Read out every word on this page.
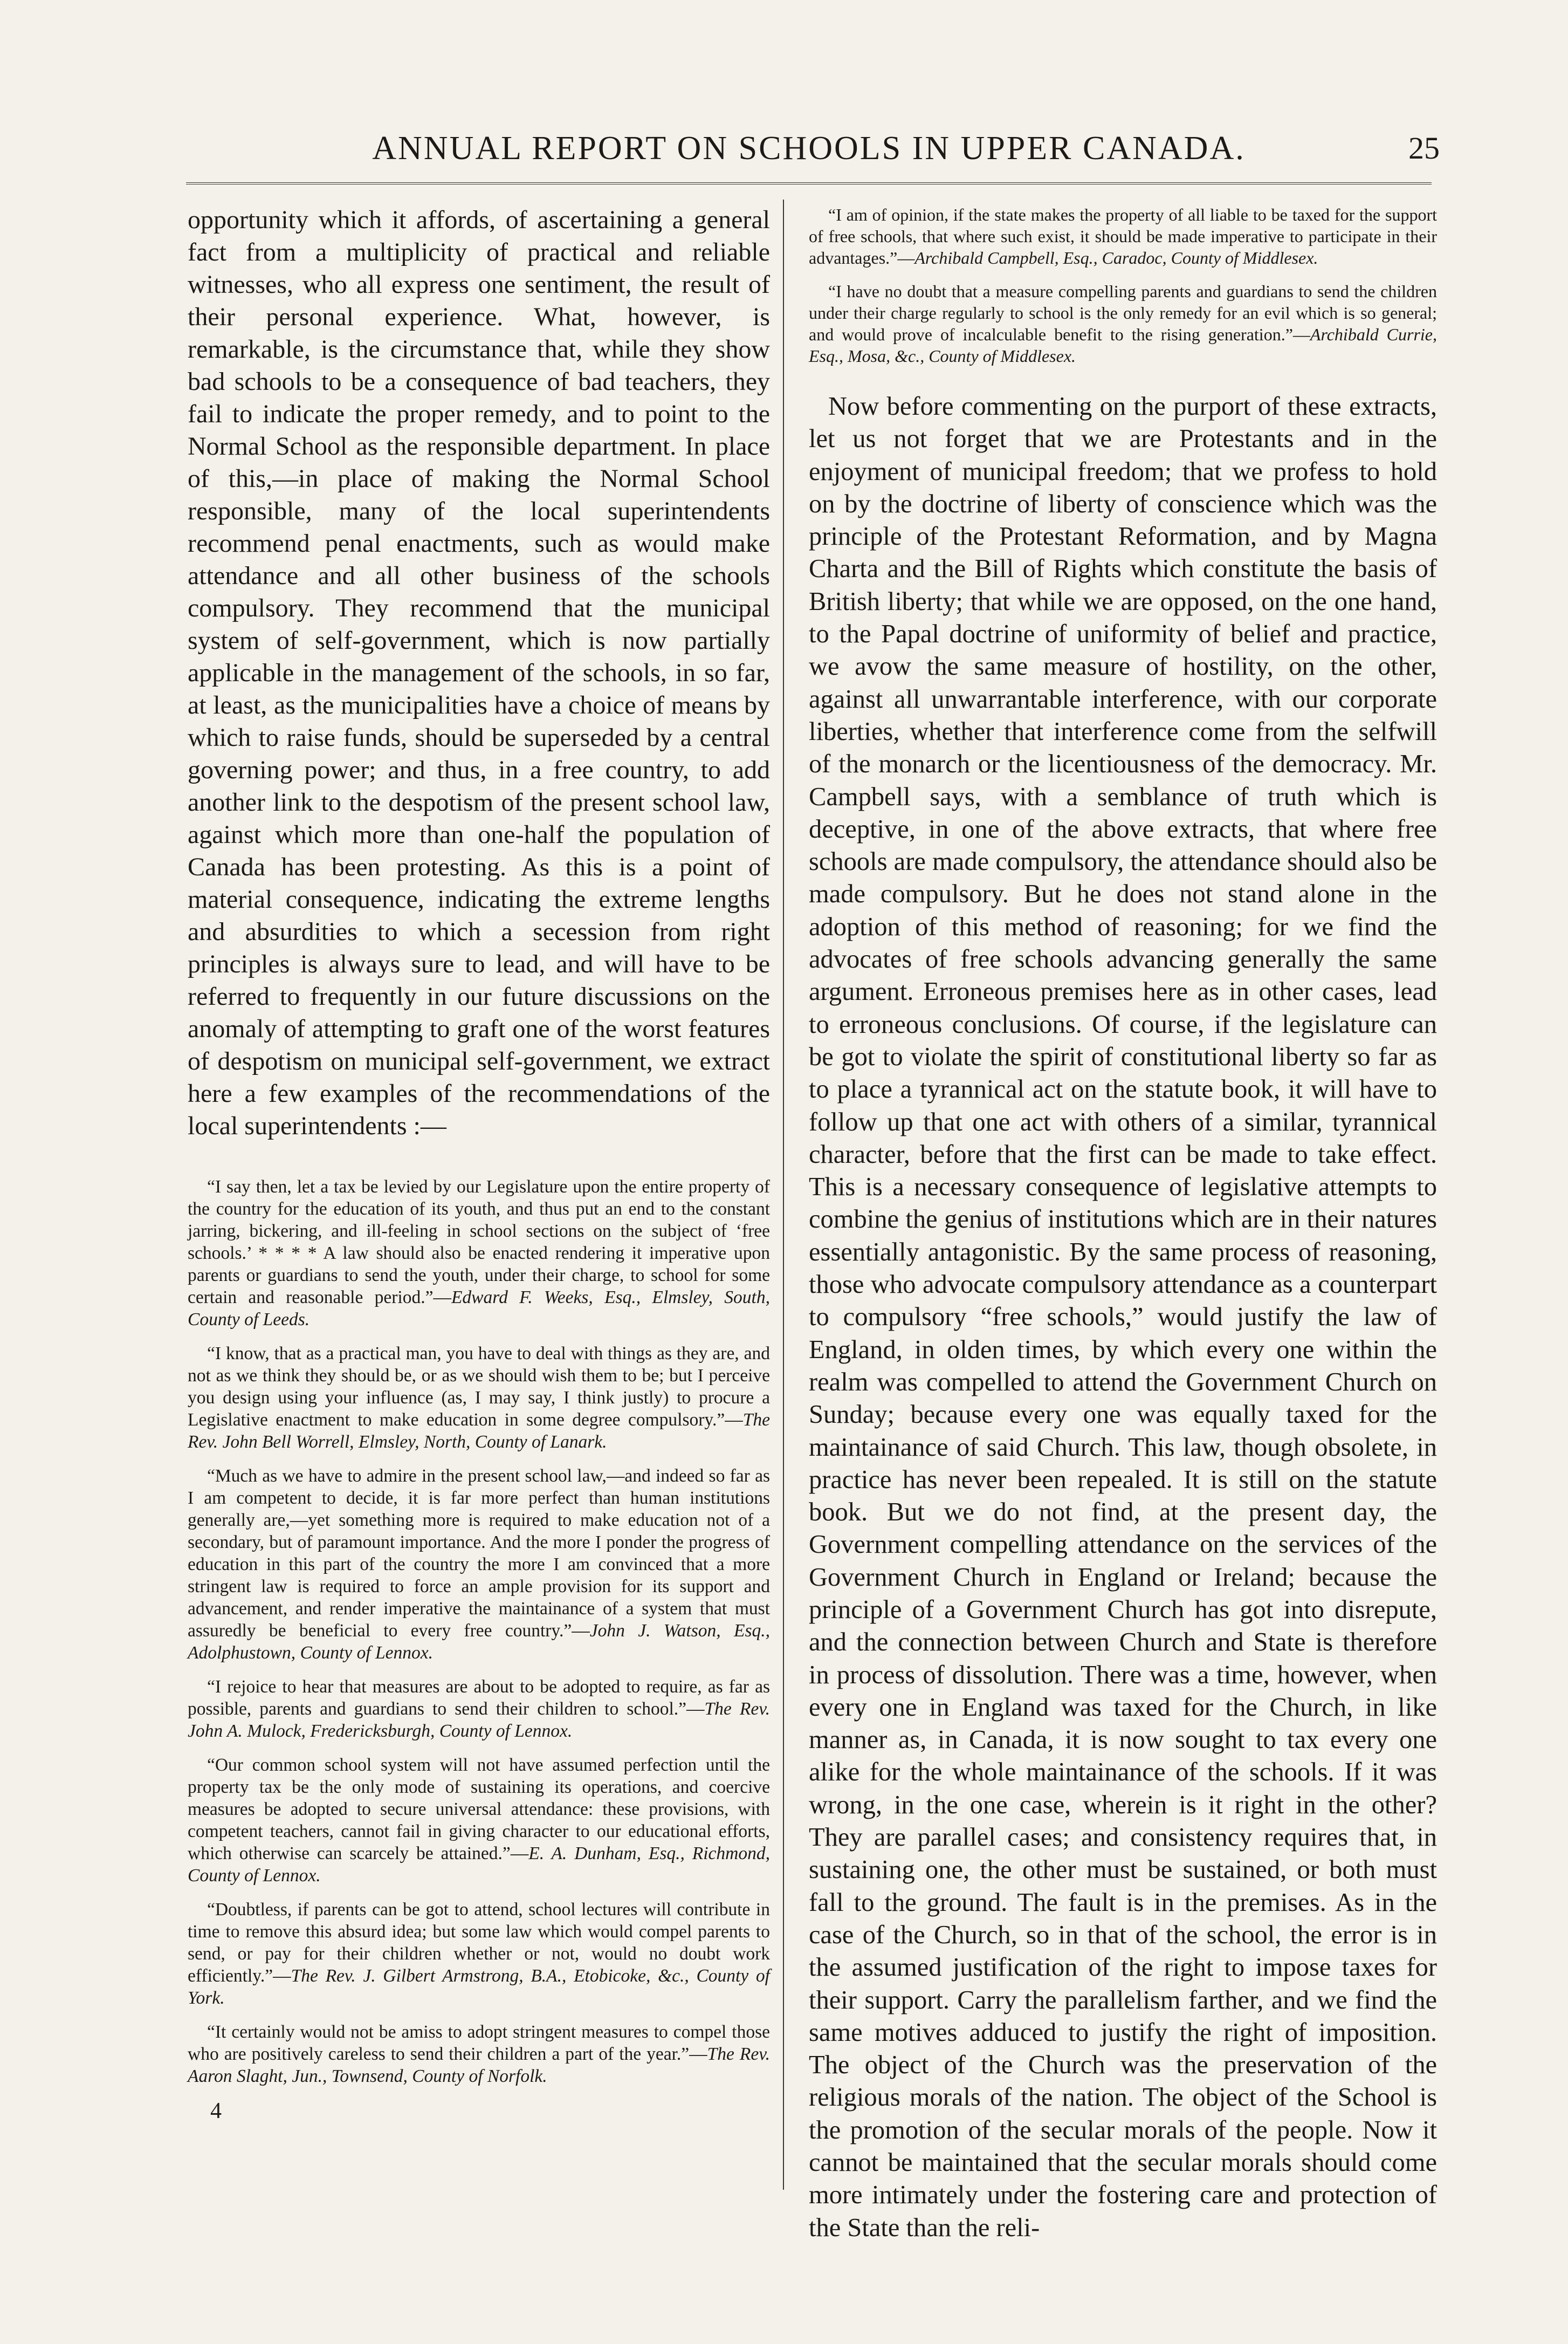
ANNUAL REPORT ON SCHOOLS IN UPPER CANADA.	25

opportunity which it affords, of ascertaining a general fact from a multiplicity of practical and reliable witnesses, who all express one sentiment, the result of their personal experience. What, however, is remarkable, is the circumstance that, while they show bad schools to be a consequence of bad teachers, they fail to indicate the proper remedy, and to point to the Normal School as the responsible department. In place of this,—in place of making the Normal School responsible, many of the local superintendents recommend penal enactments, such as would make attendance and all other business of the schools compulsory. They recommend that the municipal system of self-government, which is now partially applicable in the management of the schools, in so far, at least, as the municipalities have a choice of means by which to raise funds, should be superseded by a central governing power; and thus, in a free country, to add another link to the despotism of the present school law, against which more than one-half the population of Canada has been protesting. As this is a point of material consequence, indicating the extreme lengths and absurdities to which a secession from right principles is always sure to lead, and will have to be referred to frequently in our future discussions on the anomaly of attempting to graft one of the worst features of despotism on municipal self-government, we extract here a few examples of the recommendations of the local superintendents :—

“I say then, let a tax be levied by our Legislature upon the entire property of the country for the education of its youth, and thus put an end to the constant jarring, bickering, and ill-feeling in school sections on the subject of ‘free schools.’ * * * * A law should also be enacted rendering it imperative upon parents or guardians to send the youth, under their charge, to school for some certain and reasonable period.”—Edward F. Weeks, Esq., Elmsley, South, County of Leeds.

“I know, that as a practical man, you have to deal with things as they are, and not as we think they should be, or as we should wish them to be; but I perceive you design using your influence (as, I may say, I think justly) to procure a Legislative enactment to make education in some degree compulsory.”—The Rev. John Bell Worrell, Elmsley, North, County of Lanark.

“Much as we have to admire in the present school law,—and indeed so far as I am competent to decide, it is far more perfect than human institutions generally are,—yet something more is required to make education not of a secondary, but of paramount importance. And the more I ponder the progress of education in this part of the country the more I am convinced that a more stringent law is required to force an ample provision for its support and advancement, and render imperative the maintainance of a system that must assuredly be beneficial to every free country.”—John J. Watson, Esq., Adolphustown, County of Lennox.

“I rejoice to hear that measures are about to be adopted to require, as far as possible, parents and guardians to send their children to school.”—The Rev. John A. Mulock, Fredericksburgh, County of Lennox.

“Our common school system will not have assumed perfection until the property tax be the only mode of sustaining its operations, and coercive measures be adopted to secure universal attendance: these provisions, with competent teachers, cannot fail in giving character to our educational efforts, which otherwise can scarcely be attained.”—E. A. Dunham, Esq., Richmond, County of Lennox.

“Doubtless, if parents can be got to attend, school lectures will contribute in time to remove this absurd idea; but some law which would compel parents to send, or pay for their children whether or not, would no doubt work efficiently.”—The Rev. J. Gilbert Armstrong, B.A., Etobicoke, &c., County of York.

“It certainly would not be amiss to adopt stringent measures to compel those who are positively careless to send their children a part of the year.”—The Rev. Aaron Slaght, Jun., Townsend, County of Norfolk.

4

“I am of opinion, if the state makes the property of all liable to be taxed for the support of free schools, that where such exist, it should be made imperative to participate in their advantages.”—Archibald Campbell, Esq., Caradoc, County of Middlesex.

“I have no doubt that a measure compelling parents and guardians to send the children under their charge regularly to school is the only remedy for an evil which is so general; and would prove of incalculable benefit to the rising generation.”—Archibald Currie, Esq., Mosa, &c., County of Middlesex.

Now before commenting on the purport of these extracts, let us not forget that we are Protestants and in the enjoyment of municipal freedom; that we profess to hold on by the doctrine of liberty of conscience which was the principle of the Protestant Reformation, and by Magna Charta and the Bill of Rights which constitute the basis of British liberty; that while we are opposed, on the one hand, to the Papal doctrine of uniformity of belief and practice, we avow the same measure of hostility, on the other, against all unwarrantable interference, with our corporate liberties, whether that interference come from the selfwill of the monarch or the licentiousness of the democracy. Mr. Campbell says, with a semblance of truth which is deceptive, in one of the above extracts, that where free schools are made compulsory, the attendance should also be made compulsory. But he does not stand alone in the adoption of this method of reasoning; for we find the advocates of free schools advancing generally the same argument. Erroneous premises here as in other cases, lead to erroneous conclusions. Of course, if the legislature can be got to violate the spirit of constitutional liberty so far as to place a tyrannical act on the statute book, it will have to follow up that one act with others of a similar, tyrannical character, before that the first can be made to take effect. This is a necessary consequence of legislative attempts to combine the genius of institutions which are in their natures essentially antagonistic. By the same process of reasoning, those who advocate compulsory attendance as a counterpart to compulsory “free schools,” would justify the law of England, in olden times, by which every one within the realm was compelled to attend the Government Church on Sunday; because every one was equally taxed for the maintainance of said Church. This law, though obsolete, in practice has never been repealed. It is still on the statute book. But we do not find, at the present day, the Government compelling attendance on the services of the Government Church in England or Ireland; because the principle of a Government Church has got into disrepute, and the connection between Church and State is therefore in process of dissolution. There was a time, however, when every one in England was taxed for the Church, in like manner as, in Canada, it is now sought to tax every one alike for the whole maintainance of the schools. If it was wrong, in the one case, wherein is it right in the other? They are parallel cases; and consistency requires that, in sustaining one, the other must be sustained, or both must fall to the ground. The fault is in the premises. As in the case of the Church, so in that of the school, the error is in the assumed justification of the right to impose taxes for their support. Carry the parallelism farther, and we find the same motives adduced to justify the right of imposition. The object of the Church was the preservation of the religious morals of the nation. The object of the School is the promotion of the secular morals of the people. Now it cannot be maintained that the secular morals should come more intimately under the fostering care and protection of the State than the reli-
